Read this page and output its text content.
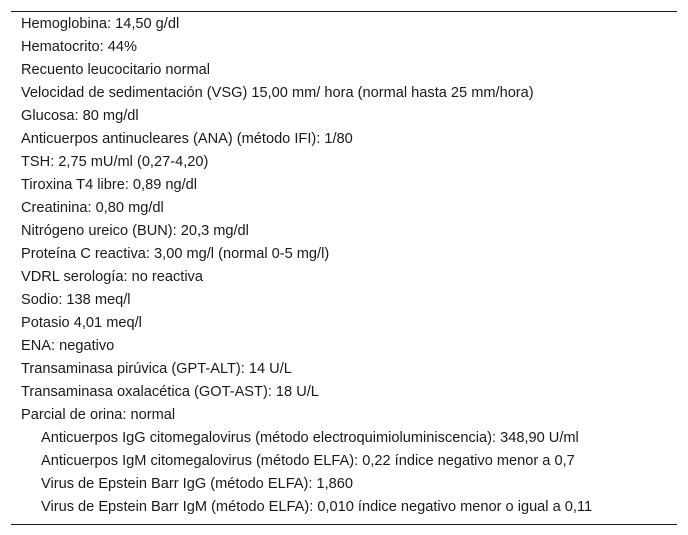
Hemoglobina: 14,50 g/dl
Hematocrito: 44%
Recuento leucocitario normal
Velocidad de sedimentación (VSG) 15,00 mm/ hora (normal hasta 25 mm/hora)
Glucosa: 80 mg/dl
Anticuerpos antinucleares (ANA) (método IFI): 1/80
TSH: 2,75 mU/ml (0,27-4,20)
Tiroxina T4 libre: 0,89 ng/dl
Creatinina: 0,80 mg/dl
Nitrógeno ureico (BUN): 20,3 mg/dl
Proteína C reactiva: 3,00 mg/l (normal 0-5 mg/l)
VDRL serología: no reactiva
Sodio: 138 meq/l
Potasio 4,01 meq/l
ENA: negativo
Transaminasa pirúvica (GPT-ALT): 14 U/L
Transaminasa oxalacética (GOT-AST): 18 U/L
Parcial de orina: normal
Anticuerpos IgG citomegalovirus (método electroquimioluminiscencia): 348,90 U/ml
Anticuerpos IgM citomegalovirus (método ELFA): 0,22 índice negativo menor a 0,7
Virus de Epstein Barr IgG (método ELFA): 1,860
Virus de Epstein Barr IgM (método ELFA): 0,010 índice negativo menor o igual a 0,11
